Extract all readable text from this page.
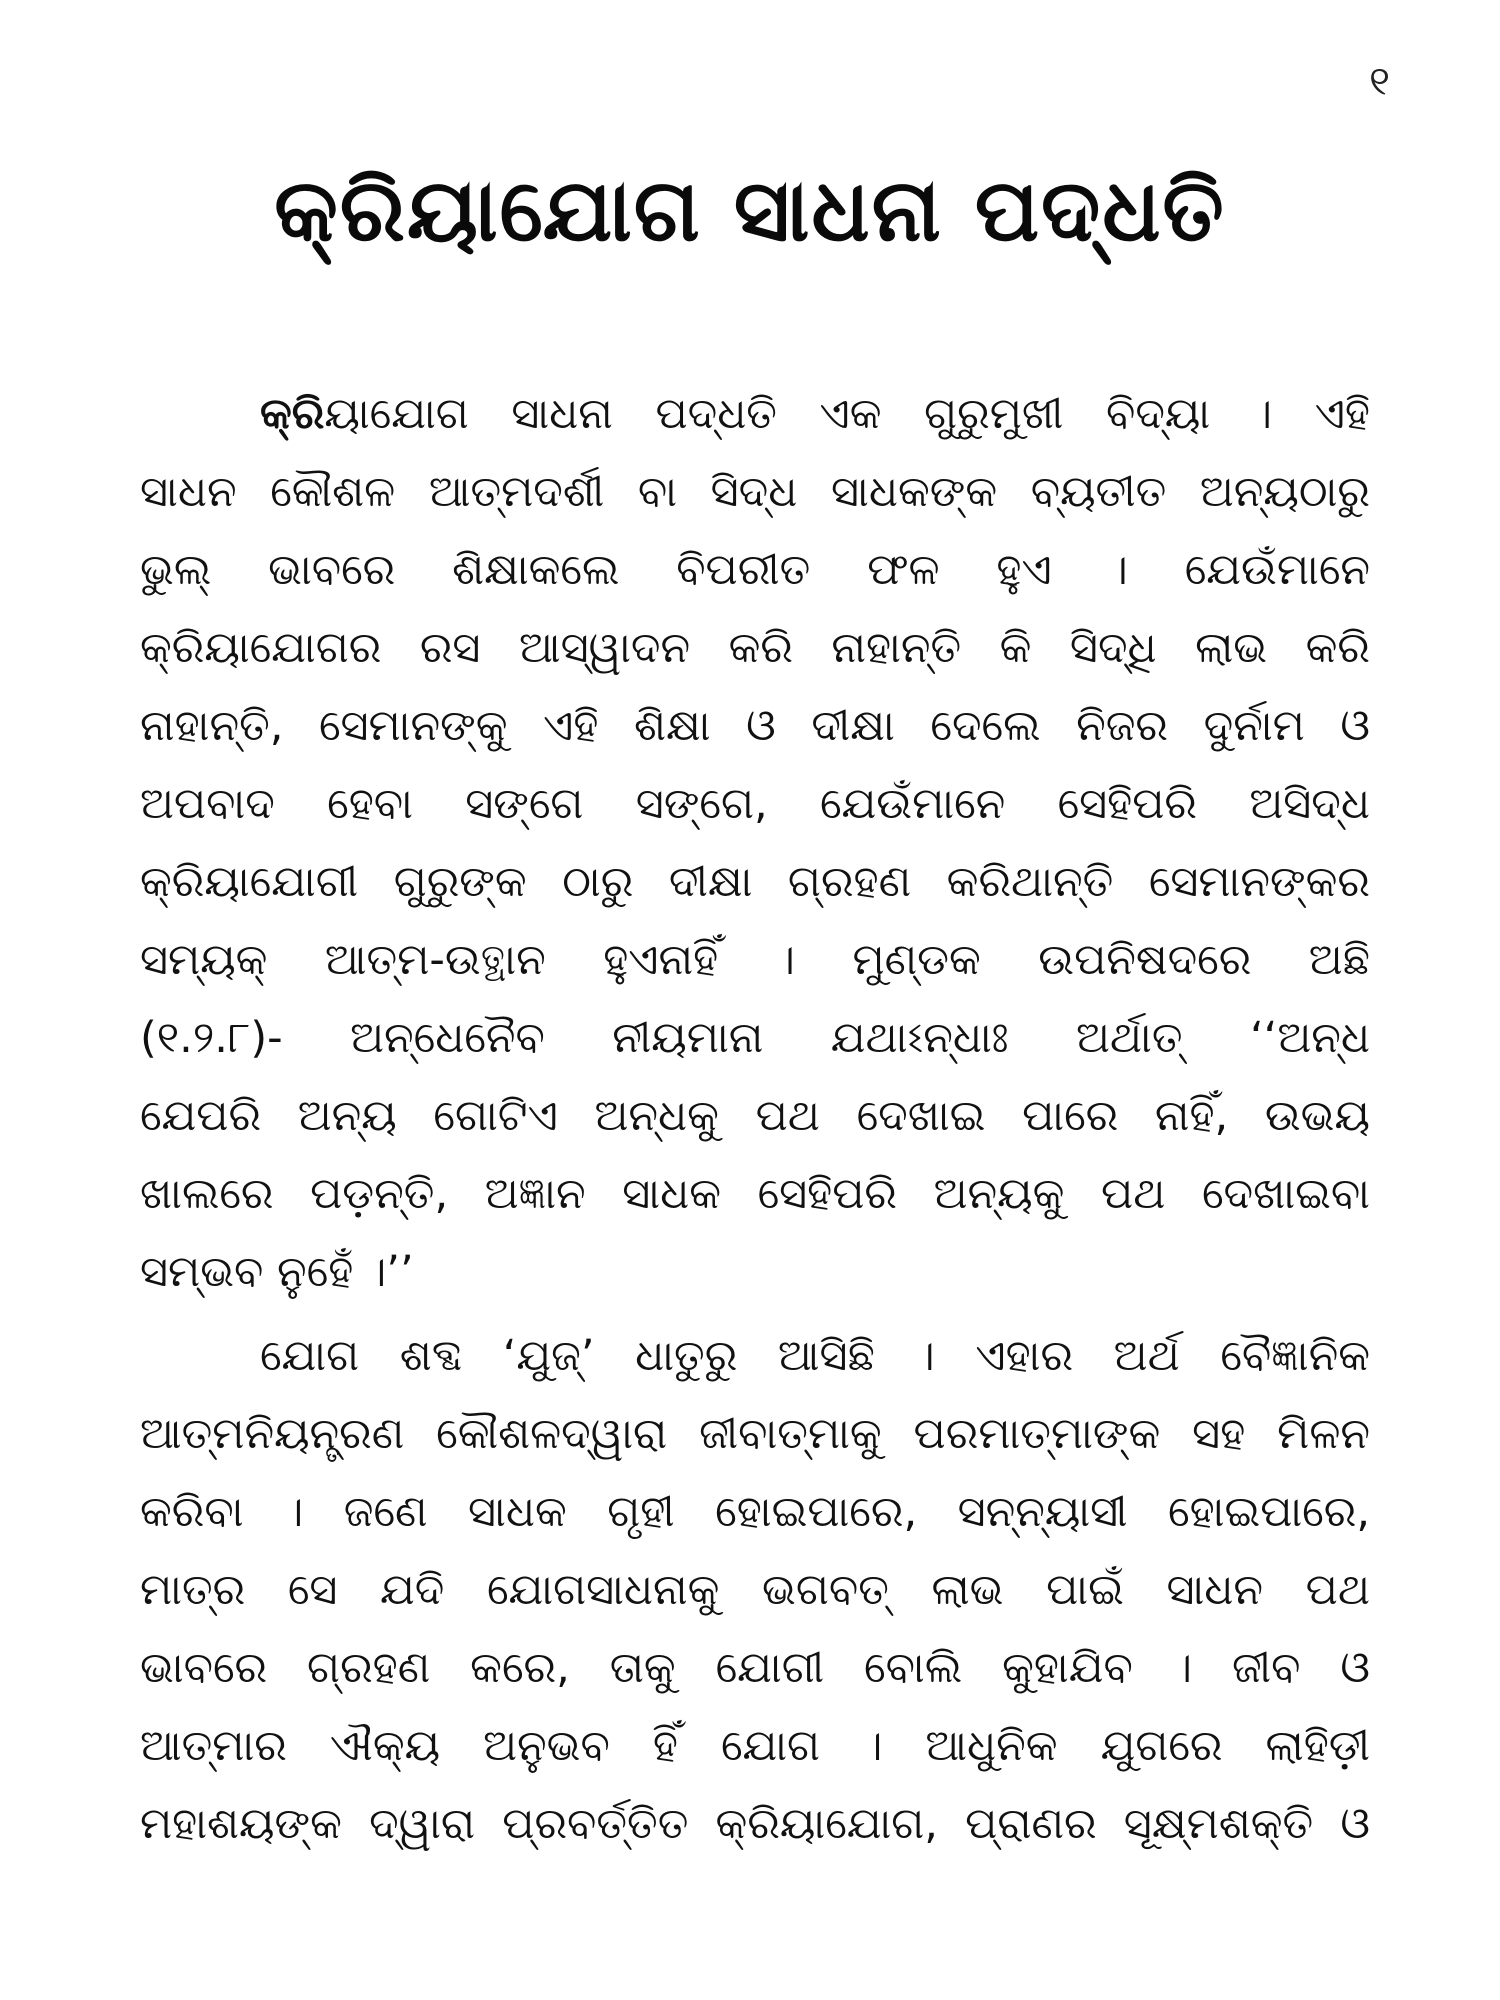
୧
କ୍ରିୟାଯୋଗ ସାଧନା ପଦ୍ଧତି
କ୍ରିୟାଯୋଗ ସାଧନା ପଦ୍ଧତି ଏକ ଗୁରୁମୁଖୀ ବିଦ୍ୟା । ଏହି
ସାଧନ କୌଶଳ ଆତ୍ମଦର୍ଶୀ ବା ସିଦ୍ଧ ସାଧକଙ୍କ ବ୍ୟତୀତ ଅନ୍ୟଠାରୁ
ଭୁଲ୍ ଭାବରେ ଶିକ୍ଷାକଲେ ବିପରୀତ ଫଳ ହୁଏ । ଯେଉଁମାନେ
କ୍ରିୟାଯୋଗର ରସ ଆସ୍ୱାଦନ କରି ନାହାନ୍ତି କି ସିଦ୍ଧି ଲାଭ କରି
ନାହାନ୍ତି, ସେମାନଙ୍କୁ ଏହି ଶିକ୍ଷା ଓ ଦୀକ୍ଷା ଦେଲେ ନିଜର ଦୁର୍ନାମ ଓ
ଅପବାଦ ହେବା ସଙ୍ଗେ ସଙ୍ଗେ, ଯେଉଁମାନେ ସେହିପରି ଅସିଦ୍ଧ
କ୍ରିୟାଯୋଗୀ ଗୁରୁଙ୍କ ଠାରୁ ଦୀକ୍ଷା ଗ୍ରହଣ କରିଥାନ୍ତି ସେମାନଙ୍କର
ସମ୍ୟକ୍ ଆତ୍ମ-ଉତ୍ଥାନ ହୁଏନାହିଁ । ମୁଣ୍ଡକ ଉପନିଷଦରେ ଅଛି
(୧.୨.୮)- ଅନ୍ଧେନୈବ ନୀୟମାନା ଯଥାଽନ୍ଧାଃ ଅର୍ଥାତ୍ ‘‘ଅନ୍ଧ
ଯେପରି ଅନ୍ୟ ଗୋଟିଏ ଅନ୍ଧକୁ ପଥ ଦେଖାଇ ପାରେ ନାହିଁ, ଉଭୟ
ଖାଲରେ ପଡ଼ନ୍ତି, ଅଜ୍ଞାନ ସାଧକ ସେହିପରି ଅନ୍ୟକୁ ପଥ ଦେଖାଇବା
ସମ୍ଭବ ନୁହେଁ ।’’
ଯୋଗ ଶବ୍ଦ ‘ଯୁଜ୍’ ଧାତୁରୁ ଆସିଛି । ଏହାର ଅର୍ଥ ବୈଜ୍ଞାନିକ
ଆତ୍ମନିୟନ୍ତ୍ରଣ କୌଶଳଦ୍ୱାରା ଜୀବାତ୍ମାକୁ ପରମାତ୍ମାଙ୍କ ସହ ମିଳନ
କରିବା । ଜଣେ ସାଧକ ଗୃହୀ ହୋଇପାରେ, ସନ୍ନ୍ୟାସୀ ହୋଇପାରେ,
ମାତ୍ର ସେ ଯଦି ଯୋଗସାଧନାକୁ ଭଗବତ୍ ଲାଭ ପାଇଁ ସାଧନ ପଥ
ଭାବରେ ଗ୍ରହଣ କରେ, ତାକୁ ଯୋଗୀ ବୋଲି କୁହାଯିବ । ଜୀବ ଓ
ଆତ୍ମାର ଐକ୍ୟ ଅନୁଭବ ହିଁ ଯୋଗ । ଆଧୁନିକ ଯୁଗରେ ଲାହିଡ଼ୀ
ମହାଶୟଙ୍କ ଦ୍ୱାରା ପ୍ରବର୍ତ୍ତିତ କ୍ରିୟାଯୋଗ, ପ୍ରାଣର ସୂକ୍ଷ୍ମଶକ୍ତି ଓ
